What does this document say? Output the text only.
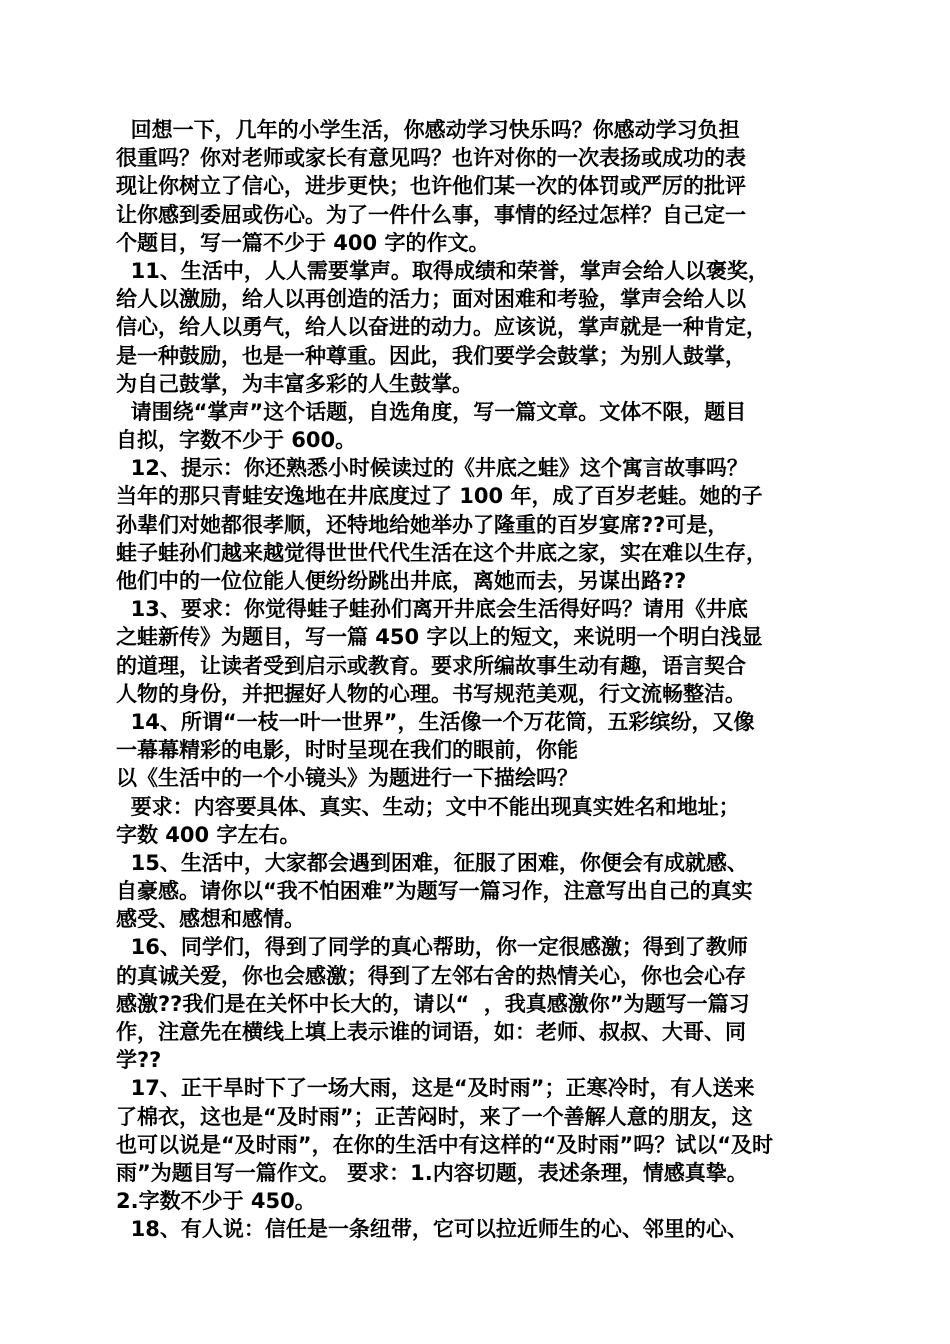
回想一下，几年的小学生活，你感动学习快乐吗？你感动学习负担
很重吗？你对老师或家长有意见吗？也许对你的一次表扬或成功的表
现让你树立了信心，进步更快；也许他们某一次的体罚或严厉的批评
让你感到委屈或伤心。为了一件什么事，事情的经过怎样？自己定一
个题目，写一篇不少于 400 字的作文。
11、生活中，人人需要掌声。取得成绩和荣誉，掌声会给人以褒奖，
给人以激励，给人以再创造的活力；面对困难和考验，掌声会给人以
信心，给人以勇气，给人以奋进的动力。应该说，掌声就是一种肯定，
是一种鼓励，也是一种尊重。因此，我们要学会鼓掌；为别人鼓掌，
为自己鼓掌，为丰富多彩的人生鼓掌。
请围绕“掌声”这个话题，自选角度，写一篇文章。文体不限，题目
自拟，字数不少于 600。
12、提示：你还熟悉小时候读过的《井底之蛙》这个寓言故事吗？
当年的那只青蛙安逸地在井底度过了 100 年，成了百岁老蛙。她的子
孙辈们对她都很孝顺，还特地给她举办了隆重的百岁宴席??可是，
蛙子蛙孙们越来越觉得世世代代生活在这个井底之家，实在难以生存，
他们中的一位位能人便纷纷跳出井底，离她而去，另谋出路??
13、要求：你觉得蛙子蛙孙们离开井底会生活得好吗？请用《井底
之蛙新传》为题目，写一篇 450 字以上的短文，来说明一个明白浅显
的道理，让读者受到启示或教育。要求所编故事生动有趣，语言契合
人物的身份，并把握好人物的心理。书写规范美观，行文流畅整洁。
14、所谓“一枝一叶一世界”，生活像一个万花筒，五彩缤纷，又像
一幕幕精彩的电影，时时呈现在我们的眼前，你能
以《生活中的一个小镜头》为题进行一下描绘吗？
要求：内容要具体、真实、生动；文中不能出现真实姓名和地址；
字数 400 字左右。
15、生活中，大家都会遇到困难，征服了困难，你便会有成就感、
自豪感。请你以“我不怕困难”为题写一篇习作，注意写出自己的真实
感受、感想和感情。
16、同学们，得到了同学的真心帮助，你一定很感激；得到了教师
的真诚关爱，你也会感激；得到了左邻右舍的热情关心，你也会心存
感激??我们是在关怀中长大的，请以“  ，我真感激你”为题写一篇习
作，注意先在横线上填上表示谁的词语，如：老师、叔叔、大哥、同
学??
17、正干旱时下了一场大雨，这是“及时雨”；正寒冷时，有人送来
了棉衣，这也是“及时雨”；正苦闷时，来了一个善解人意的朋友，这
也可以说是“及时雨”，在你的生活中有这样的“及时雨”吗？试以“及时
雨”为题目写一篇作文。 要求：1.内容切题，表述条理，情感真挚。
2.字数不少于 450。
18、有人说：信任是一条纽带，它可以拉近师生的心、邻里的心、
